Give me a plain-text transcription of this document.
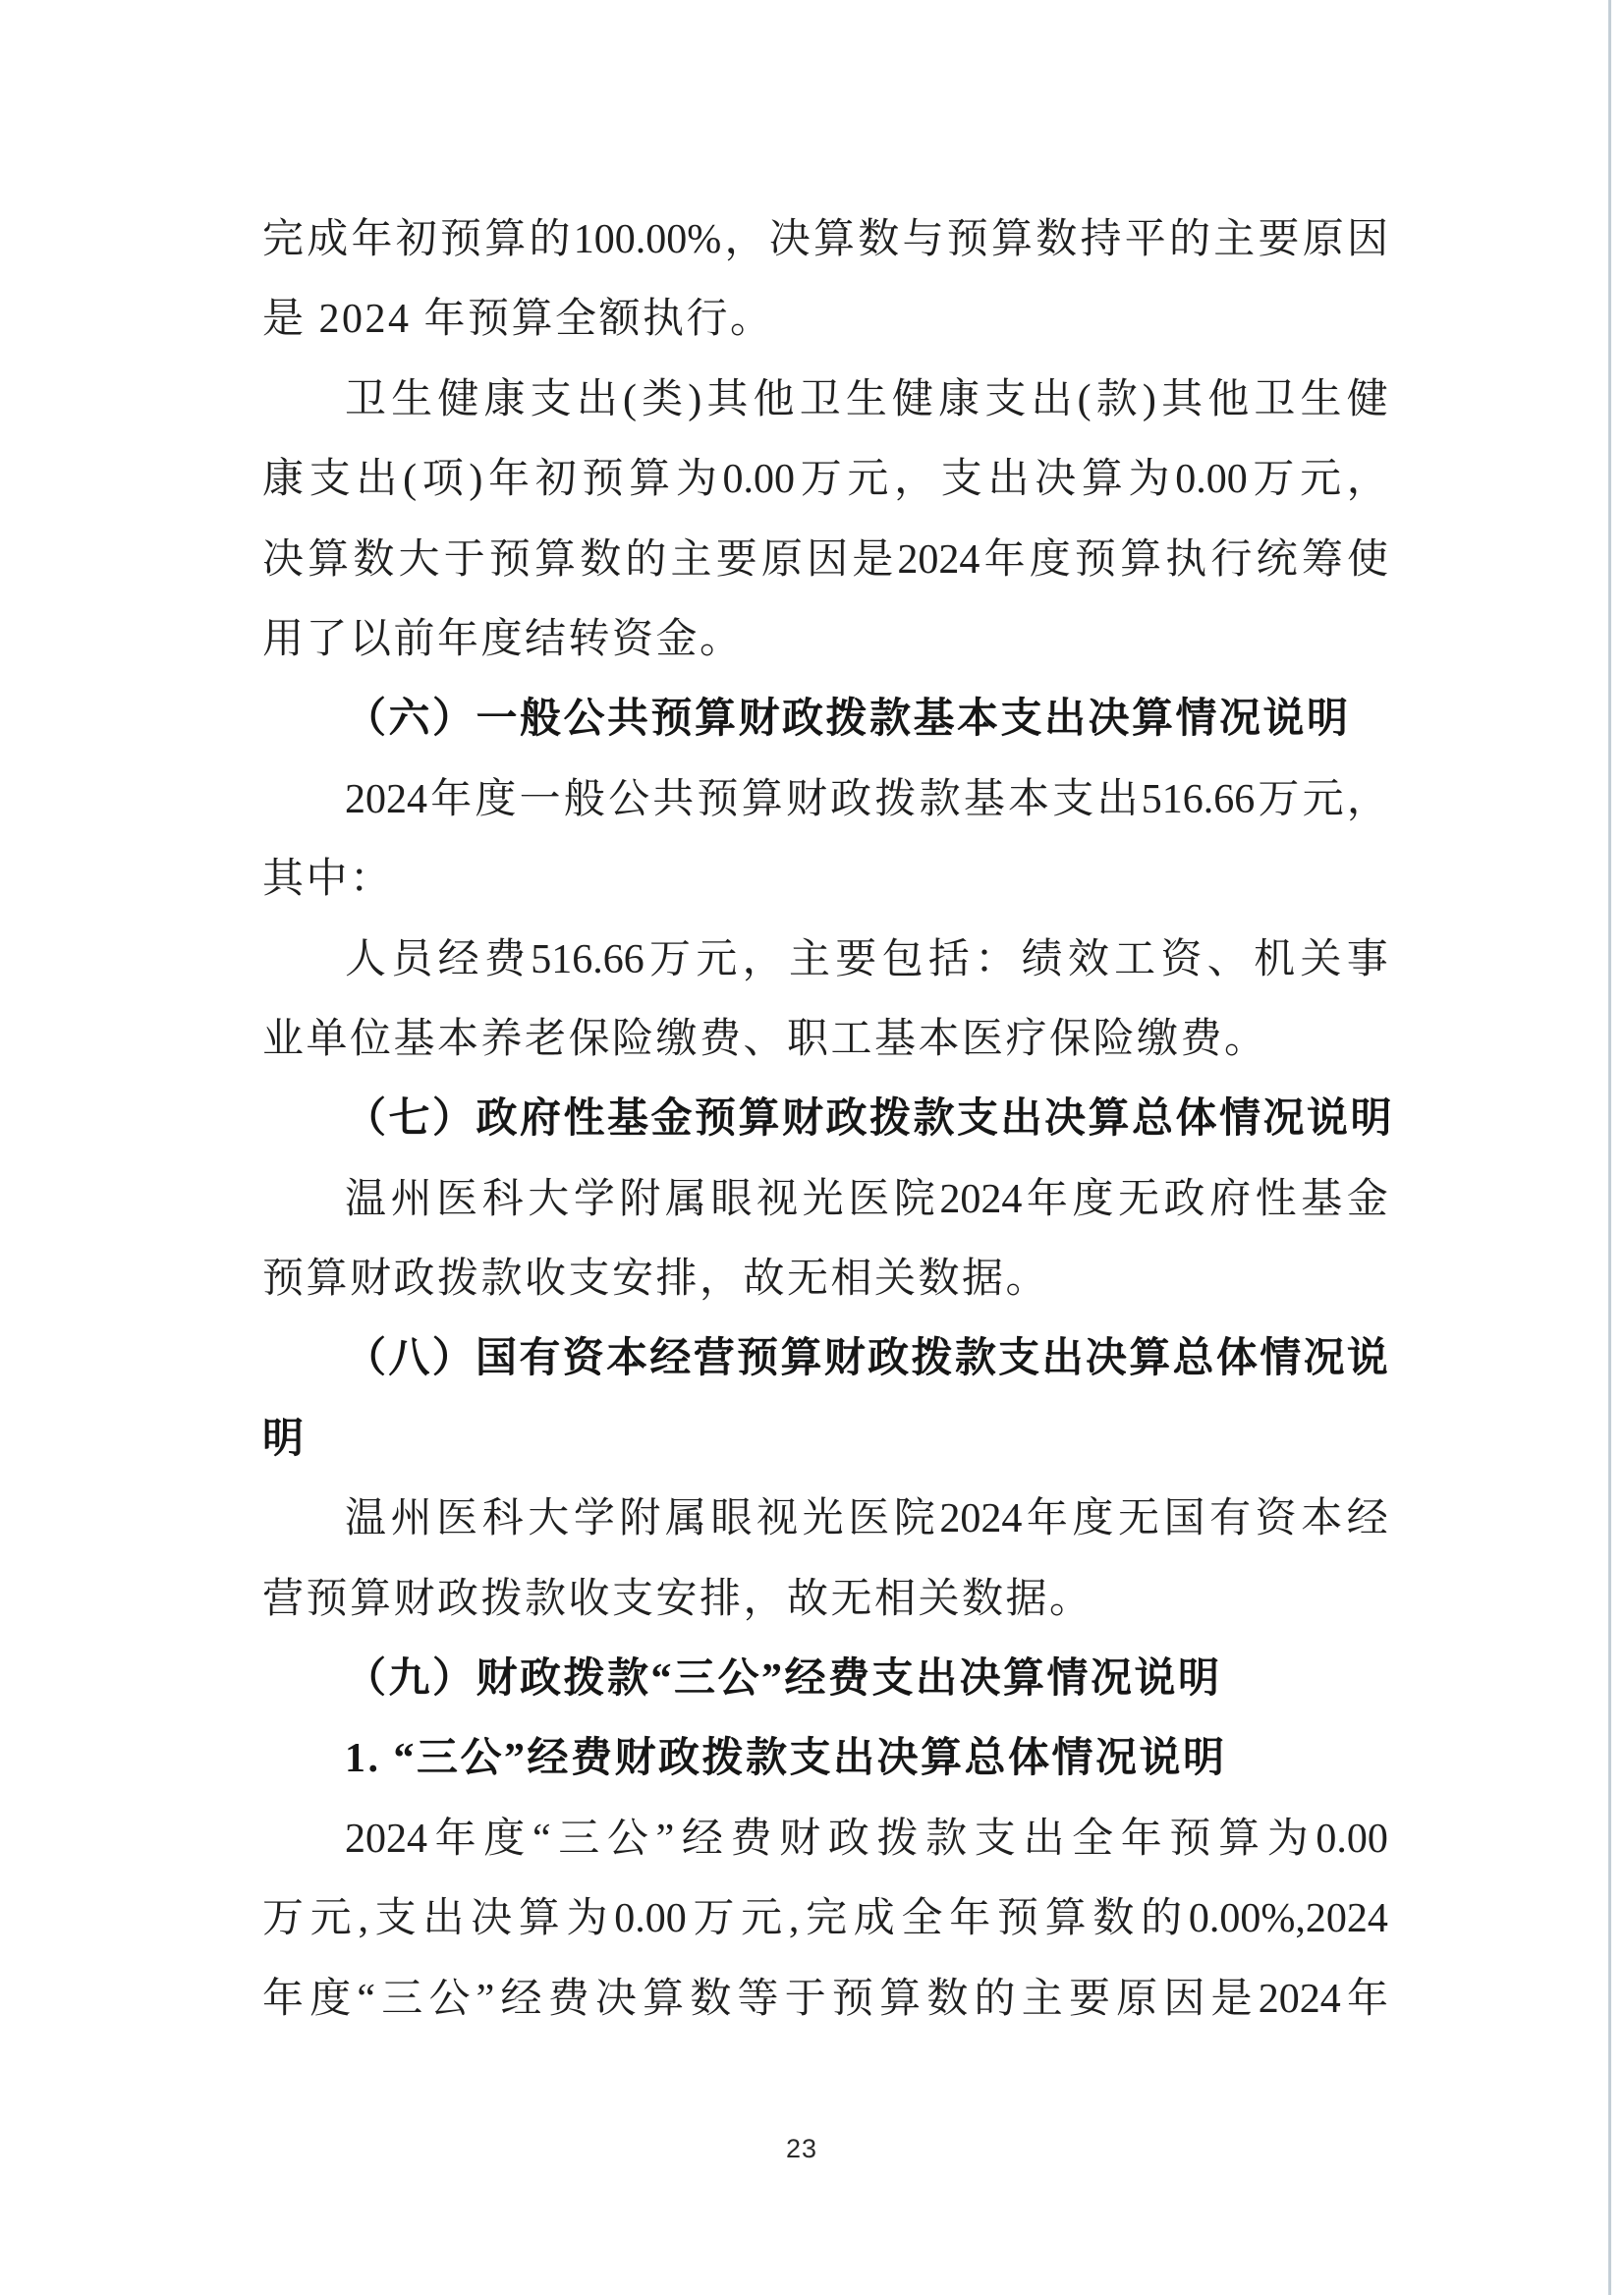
完 成 年 初 预 算 的 100.00% ， 决 算 数 与 预 算 数 持 平 的 主 要 原 因
是 2024 年预算全额执行。
卫 生 健 康 支 出 ( 类 ) 其 他 卫 生 健 康 支 出 ( 款 ) 其 他 卫 生 健
康 支 出 ( 项 ) 年 初 预 算 为 0.00 万 元 ， 支 出 决 算 为 0.00 万 元 ，
决 算 数 大 于 预 算 数 的 主 要 原 因 是 2024 年 度 预 算 执 行 统 筹 使
用了以前年度结转资金。
（六）一般公共预算财政拨款基本支出决算情况说明
2024 年 度 一 般 公 共 预 算 财 政 拨 款 基 本 支 出 516.66 万 元 ，
其中：
人 员 经 费 516.66 万 元 ， 主 要 包 括 ： 绩 效 工 资 、 机 关 事
业单位基本养老保险缴费、职工基本医疗保险缴费。
（七）政府性基金预算财政拨款支出决算总体情况说明
温 州 医 科 大 学 附 属 眼 视 光 医 院 2024 年 度 无 政 府 性 基 金
预算财政拨款收支安排，故无相关数据。
（ 八 ） 国 有 资 本 经 营 预 算 财 政 拨 款 支 出 决 算 总 体 情 况 说
明
温 州 医 科 大 学 附 属 眼 视 光 医 院 2024 年 度 无 国 有 资 本 经
营预算财政拨款收支安排，故无相关数据。
（九）财政拨款“三公”经费支出决算情况说明
1. “三公”经费财政拨款支出决算总体情况说明
2024 年 度 “ 三 公 ” 经 费 财 政 拨 款 支 出 全 年 预 算 为 0.00
万 元 , 支 出 决 算 为 0.00 万 元 , 完 成 全 年 预 算 数 的 0.00%,2024
年 度 “ 三 公 ” 经 费 决 算 数 等 于 预 算 数 的 主 要 原 因 是 2024 年
23
